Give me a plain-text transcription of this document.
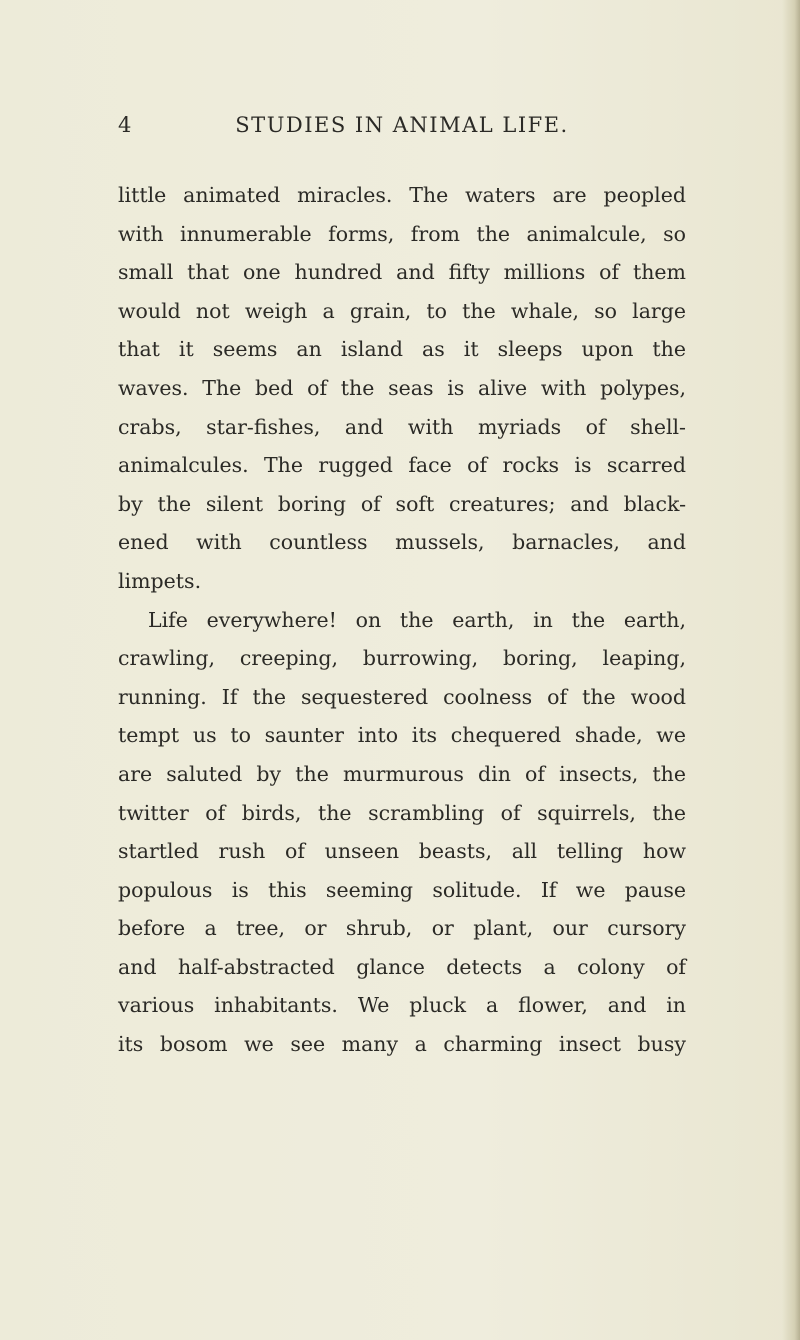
4	STUDIES IN ANIMAL LIFE.
little animated miracles. The waters are peopled
with innumerable forms, from the animalcule, so
small that one hundred and fifty millions of them
would not weigh a grain, to the whale, so large
that it seems an island as it sleeps upon the
waves. The bed of the seas is alive with polypes,
crabs, star-fishes, and with myriads of shell-
animalcules. The rugged face of rocks is scarred
by the silent boring of soft creatures; and black-
ened with countless mussels, barnacles, and
limpets.
Life everywhere! on the earth, in the earth,
crawling, creeping, burrowing, boring, leaping,
running. If the sequestered coolness of the wood
tempt us to saunter into its chequered shade, we
are saluted by the murmurous din of insects, the
twitter of birds, the scrambling of squirrels, the
startled rush of unseen beasts, all telling how
populous is this seeming solitude. If we pause
before a tree, or shrub, or plant, our cursory
and half-abstracted glance detects a colony of
various inhabitants. We pluck a flower, and in
its bosom we see many a charming insect busy
